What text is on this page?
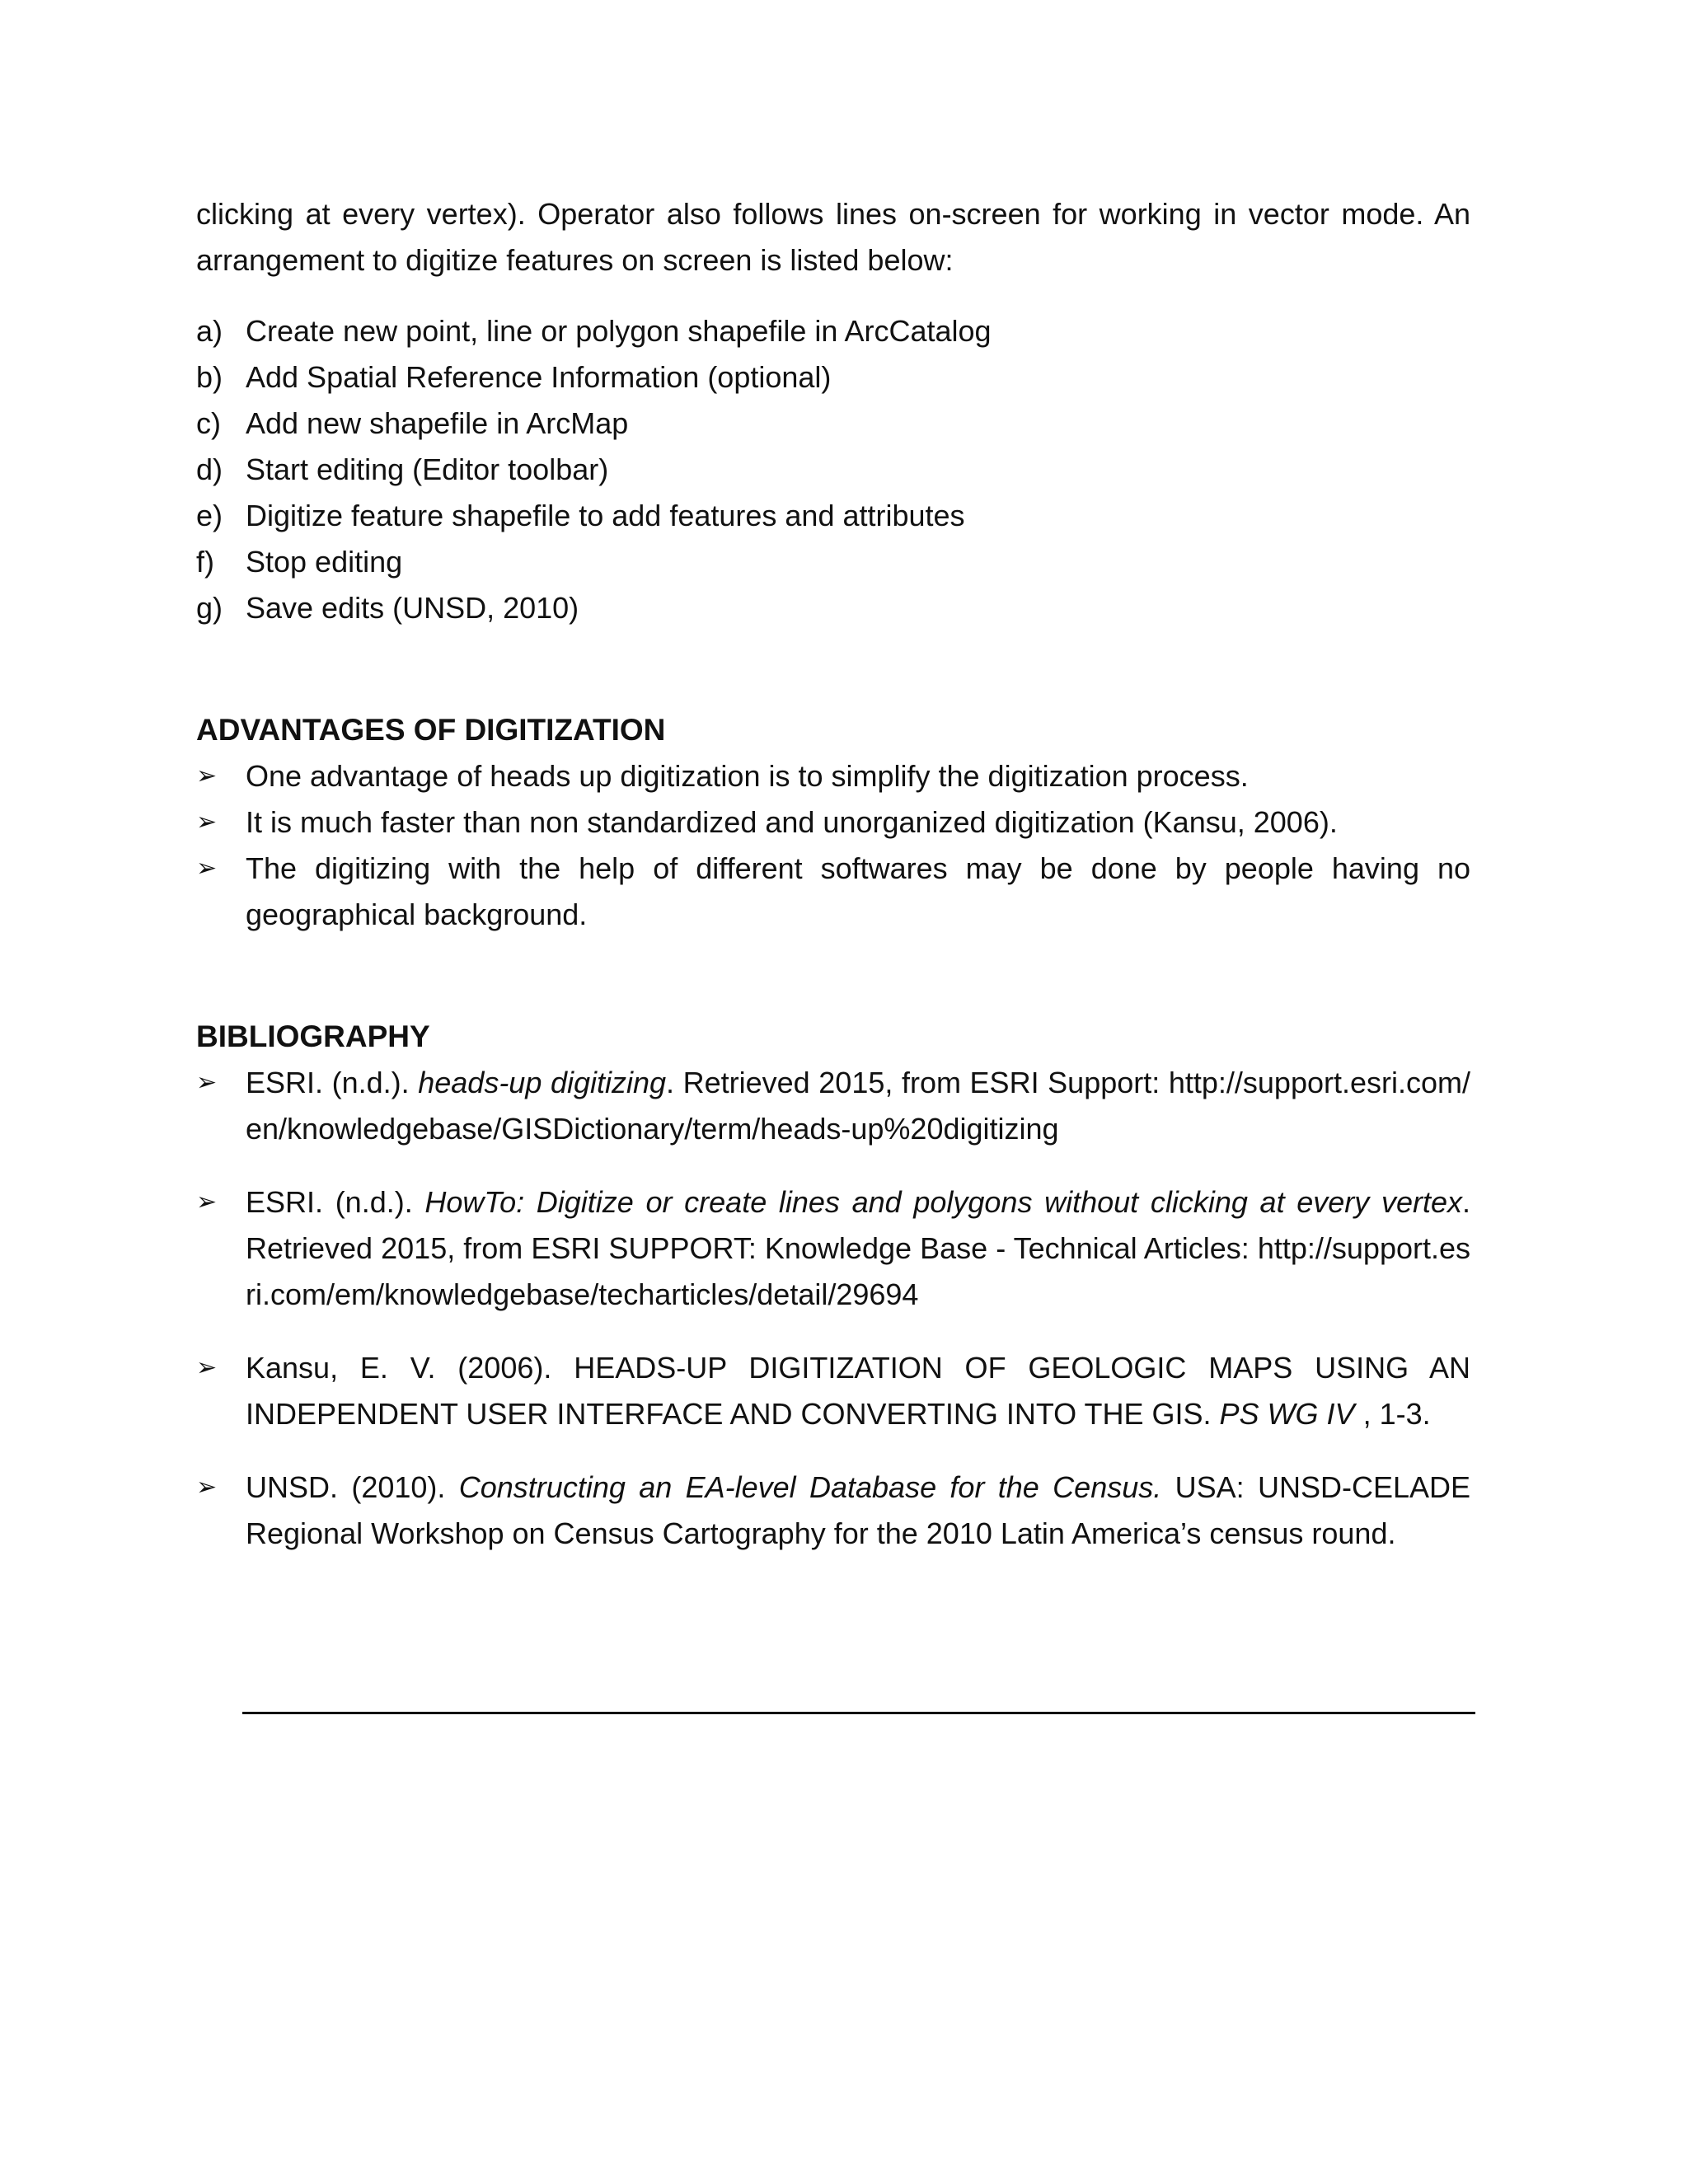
clicking at every vertex). Operator also follows lines on-screen for working in vector mode. An arrangement to digitize features on screen is listed below:

a) Create new point, line or polygon shapefile in ArcCatalog
b) Add Spatial Reference Information (optional)
c) Add new shapefile in ArcMap
d) Start editing (Editor toolbar)
e) Digitize feature shapefile to add features and attributes
f)	Stop editing
g) Save edits (UNSD, 2010)
ADVANTAGES OF DIGITIZATION
➢ One advantage of heads up digitization is to simplify the digitization process.
➢ It is much faster than non standardized and unorganized digitization (Kansu, 2006).
➢ The digitizing with the help of different softwares may be done by people having no geographical background.
BIBLIOGRAPHY
➢ ESRI. (n.d.). heads-up digitizing. Retrieved 2015, from ESRI Support: http://support.esri.com/en/knowledgebase/GISDictionary/term/heads-up%20digitizing
➢ ESRI. (n.d.). HowTo: Digitize or create lines and polygons without clicking at every vertex. Retrieved 2015, from ESRI SUPPORT: Knowledge Base - Technical Articles: http://support.esri.com/em/knowledgebase/techarticles/detail/29694
➢ Kansu, E. V. (2006). HEADS-UP DIGITIZATION OF GEOLOGIC MAPS USING AN INDEPENDENT USER INTERFACE AND CONVERTING INTO THE GIS. PS WG IV , 1-3.
➢ UNSD. (2010). Constructing an EA-level Database for the Census. USA: UNSD-CELADE Regional Workshop on Census Cartography for the 2010 Latin America’s census round.
